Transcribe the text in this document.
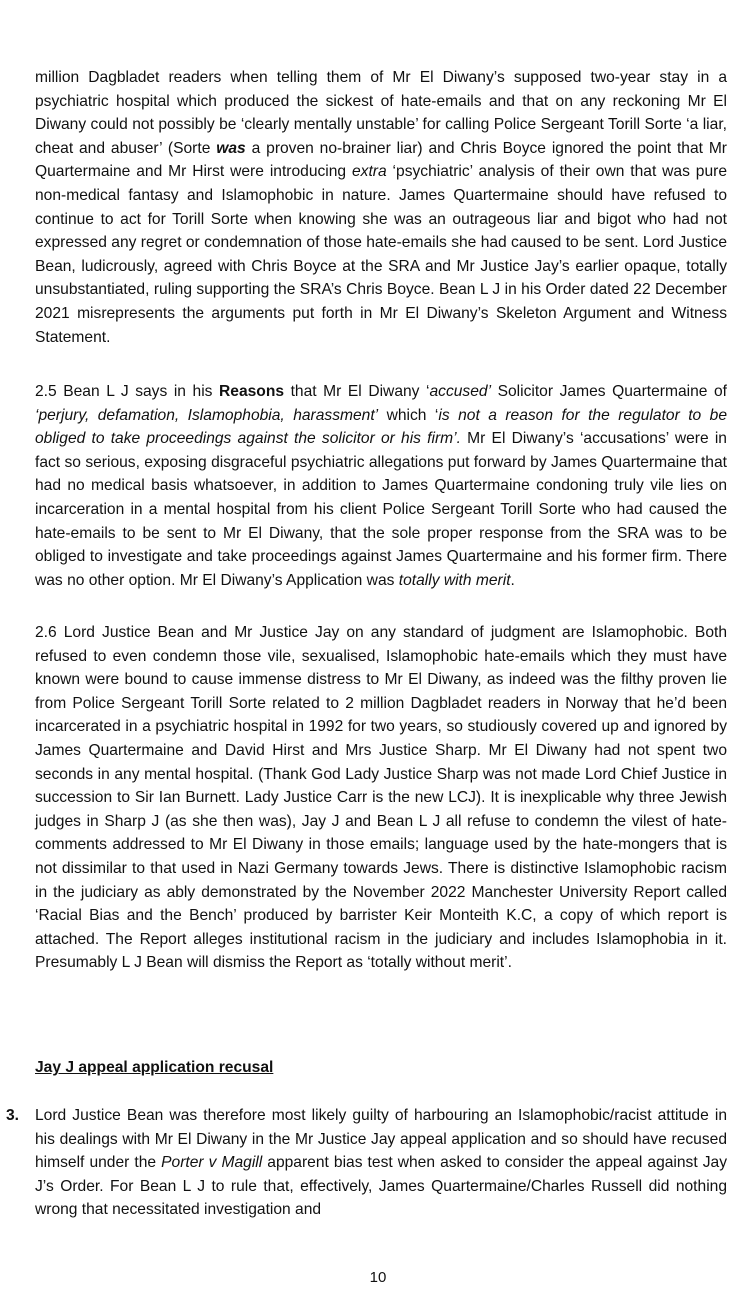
million Dagbladet readers when telling them of Mr El Diwany’s supposed two-year stay in a psychiatric hospital which produced the sickest of hate-emails and that on any reckoning Mr El Diwany could not possibly be ‘clearly mentally unstable’ for calling Police Sergeant Torill Sorte ‘a liar, cheat and abuser’ (Sorte was a proven no-brainer liar) and Chris Boyce ignored the point that Mr Quartermaine and Mr Hirst were introducing extra ‘psychiatric’ analysis of their own that was pure non-medical fantasy and Islamophobic in nature. James Quartermaine should have refused to continue to act for Torill Sorte when knowing she was an outrageous liar and bigot who had not expressed any regret or condemnation of those hate-emails she had caused to be sent. Lord Justice Bean, ludicrously, agreed with Chris Boyce at the SRA and Mr Justice Jay’s earlier opaque, totally unsubstantiated, ruling supporting the SRA’s Chris Boyce. Bean L J in his Order dated 22 December 2021 misrepresents the arguments put forth in Mr El Diwany’s Skeleton Argument and Witness Statement.

2.5 Bean L J says in his Reasons that Mr El Diwany ‘accused’ Solicitor James Quartermaine of ‘perjury, defamation, Islamophobia, harassment’ which ‘is not a reason for the regulator to be obliged to take proceedings against the solicitor or his firm’. Mr El Diwany’s ‘accusations’ were in fact so serious, exposing disgraceful psychiatric allegations put forward by James Quartermaine that had no medical basis whatsoever, in addition to James Quartermaine condoning truly vile lies on incarceration in a mental hospital from his client Police Sergeant Torill Sorte who had caused the hate-emails to be sent to Mr El Diwany, that the sole proper response from the SRA was to be obliged to investigate and take proceedings against James Quartermaine and his former firm. There was no other option. Mr El Diwany’s Application was totally with merit.

2.6 Lord Justice Bean and Mr Justice Jay on any standard of judgment are Islamophobic. Both refused to even condemn those vile, sexualised, Islamophobic hate-emails which they must have known were bound to cause immense distress to Mr El Diwany, as indeed was the filthy proven lie from Police Sergeant Torill Sorte related to 2 million Dagbladet readers in Norway that he’d been incarcerated in a psychiatric hospital in 1992 for two years, so studiously covered up and ignored by James Quartermaine and David Hirst and Mrs Justice Sharp. Mr El Diwany had not spent two seconds in any mental hospital. (Thank God Lady Justice Sharp was not made Lord Chief Justice in succession to Sir Ian Burnett. Lady Justice Carr is the new LCJ). It is inexplicable why three Jewish judges in Sharp J (as she then was), Jay J and Bean L J all refuse to condemn the vilest of hate-comments addressed to Mr El Diwany in those emails; language used by the hate-mongers that is not dissimilar to that used in Nazi Germany towards Jews. There is distinctive Islamophobic racism in the judiciary as ably demonstrated by the November 2022 Manchester University Report called ‘Racial Bias and the Bench’ produced by barrister Keir Monteith K.C, a copy of which report is attached. The Report alleges institutional racism in the judiciary and includes Islamophobia in it. Presumably L J Bean will dismiss the Report as ‘totally without merit’.

Jay J appeal application recusal

3. Lord Justice Bean was therefore most likely guilty of harbouring an Islamophobic/racist attitude in his dealings with Mr El Diwany in the Mr Justice Jay appeal application and so should have recused himself under the Porter v Magill apparent bias test when asked to consider the appeal against Jay J’s Order. For Bean L J to rule that, effectively, James Quartermaine/Charles Russell did nothing wrong that necessitated investigation and

10
